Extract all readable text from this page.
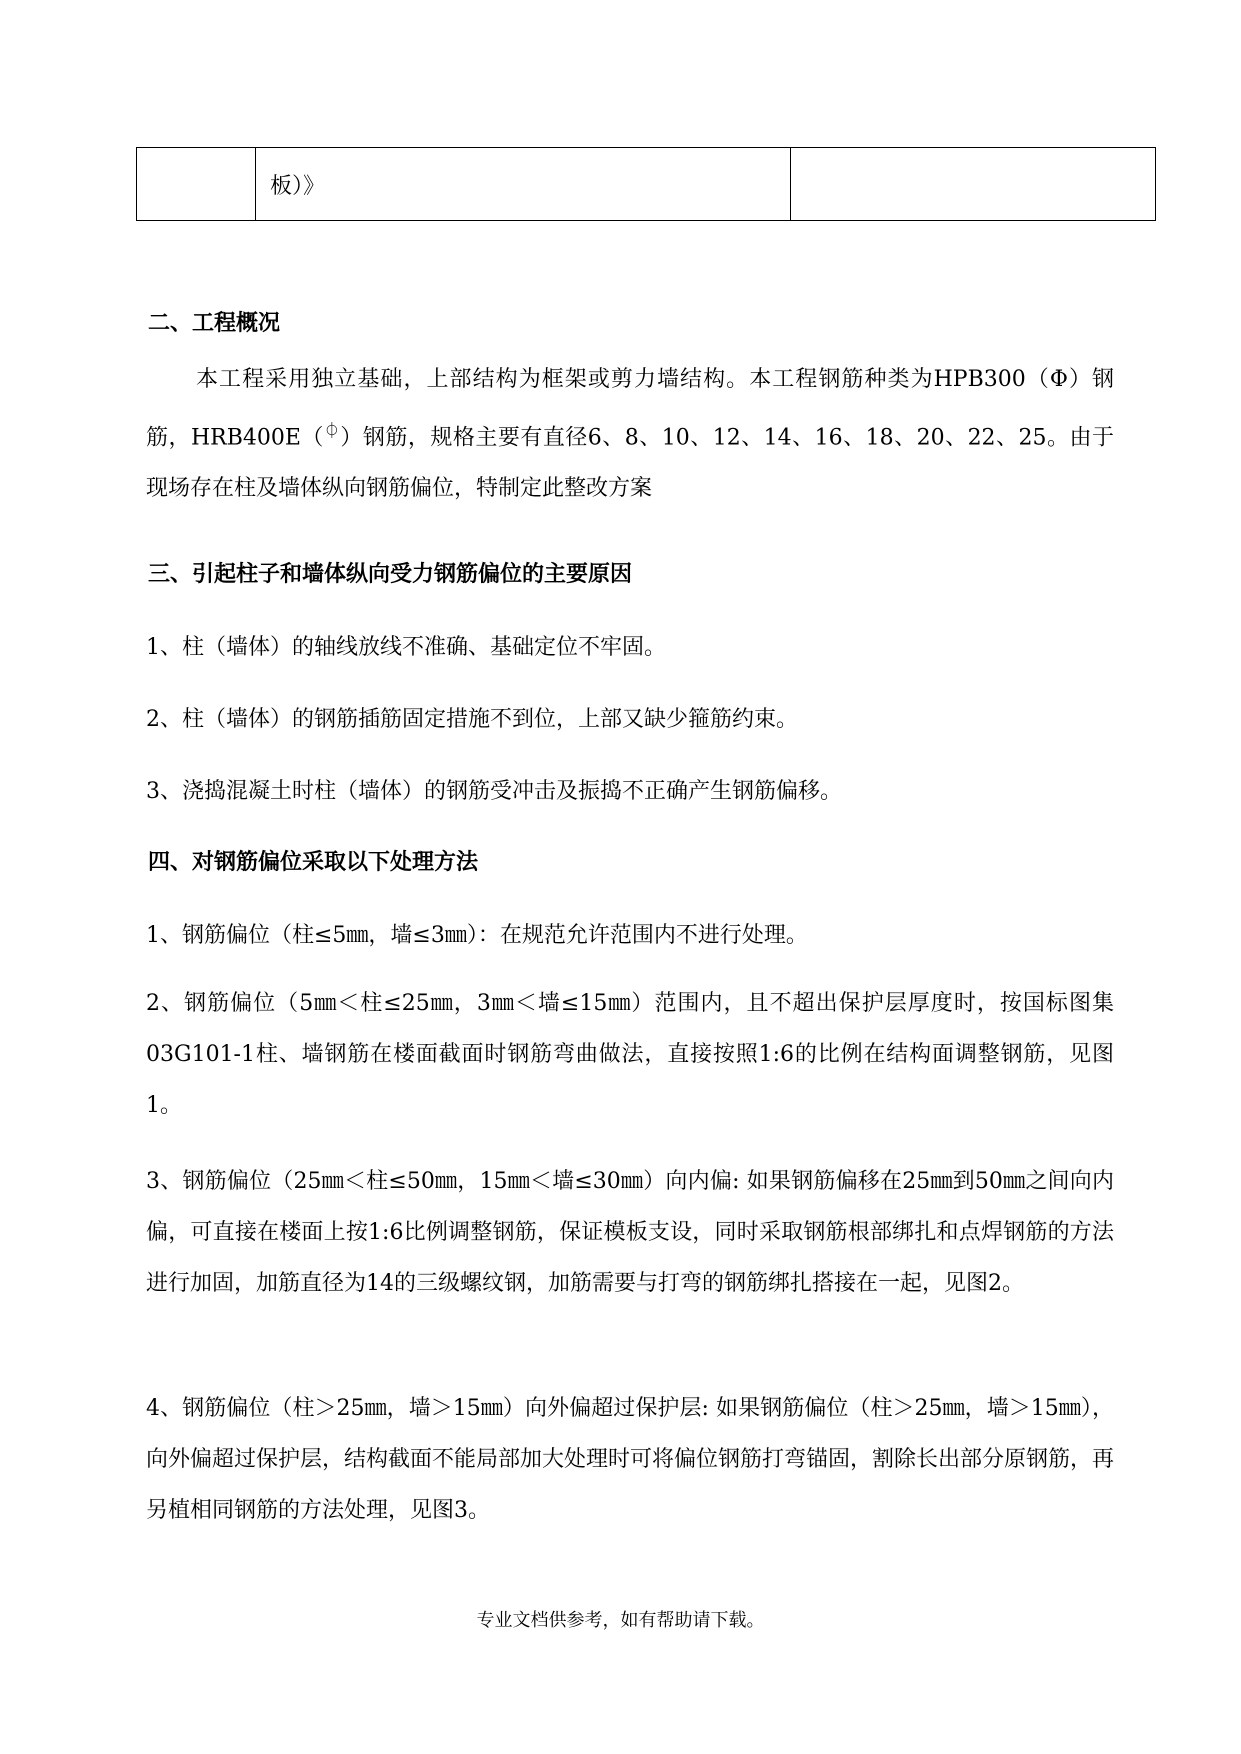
	板）》	
二、工程概况
本工程采用独立基础，上部结构为框架或剪力墙结构。本工程钢筋种类为HPB300（Φ）钢筋，HRB400E（⏀）钢筋，规格主要有直径6、8、10、12、14、16、18、20、22、25。由于现场存在柱及墙体纵向钢筋偏位，特制定此整改方案
三、引起柱子和墙体纵向受力钢筋偏位的主要原因
1、柱（墙体）的轴线放线不准确、基础定位不牢固。
2、柱（墙体）的钢筋插筋固定措施不到位，上部又缺少箍筋约束。
3、浇捣混凝土时柱（墙体）的钢筋受冲击及振捣不正确产生钢筋偏移。
四、对钢筋偏位采取以下处理方法
1、钢筋偏位（柱≤5㎜，墙≤3㎜）：在规范允许范围内不进行处理。
2、钢筋偏位（5㎜＜柱≤25㎜，3㎜＜墙≤15㎜）范围内，且不超出保护层厚度时，按国标图集03G101-1柱、墙钢筋在楼面截面时钢筋弯曲做法，直接按照1:6的比例在结构面调整钢筋，见图1。
3、钢筋偏位（25㎜＜柱≤50㎜，15㎜＜墙≤30㎜）向内偏: 如果钢筋偏移在25㎜到50㎜之间向内偏，可直接在楼面上按1:6比例调整钢筋，保证模板支设，同时采取钢筋根部绑扎和点焊钢筋的方法进行加固，加筋直径为14的三级螺纹钢，加筋需要与打弯的钢筋绑扎搭接在一起，见图2。
4、钢筋偏位（柱＞25㎜，墙＞15㎜）向外偏超过保护层: 如果钢筋偏位（柱＞25㎜，墙＞15㎜），向外偏超过保护层，结构截面不能局部加大处理时可将偏位钢筋打弯锚固，割除长出部分原钢筋，再另植相同钢筋的方法处理，见图3。
专业文档供参考，如有帮助请下载。
